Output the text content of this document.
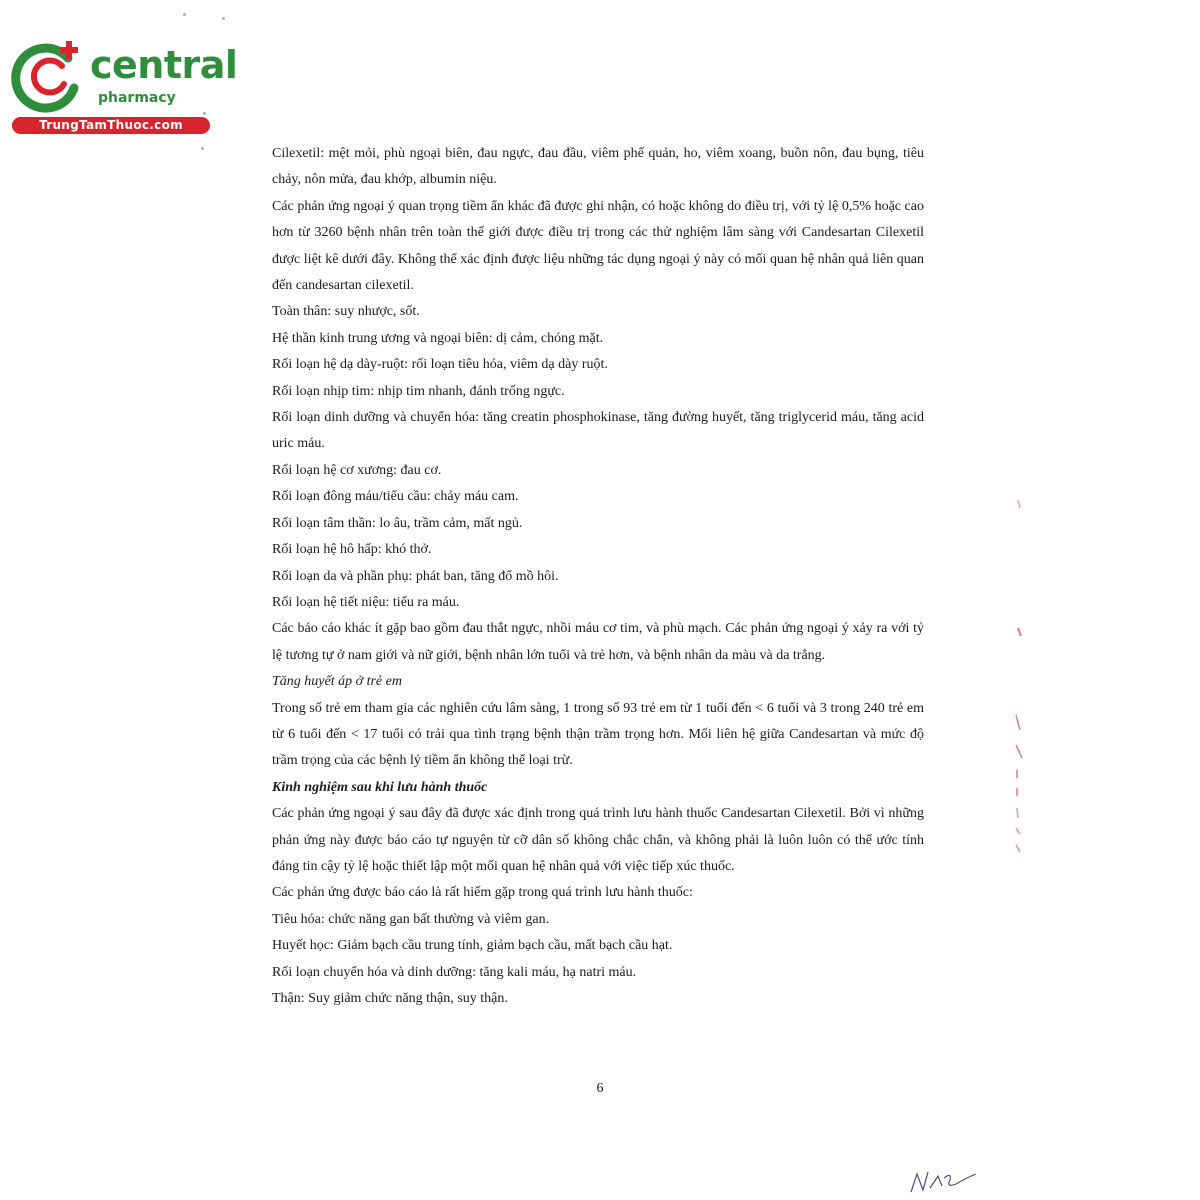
central
pharmacy
TrungTamThuoc.com

Cilexetil: mệt mỏi, phù ngoại biên, đau ngực, đau đầu, viêm phế quản, ho, viêm xoang, buồn nôn, đau bụng, tiêu chảy, nôn mửa, đau khớp, albumin niệu.

Các phản ứng ngoại ý quan trọng tiềm ẩn khác đã được ghi nhận, có hoặc không do điều trị, với tỷ lệ 0,5% hoặc cao hơn từ 3260 bệnh nhân trên toàn thế giới được điều trị trong các thử nghiệm lâm sàng với Candesartan Cilexetil được liệt kê dưới đây. Không thể xác định được liệu những tác dụng ngoại ý này có mối quan hệ nhân quả liên quan đến candesartan cilexetil.

Toàn thân: suy nhược, sốt.

Hệ thần kinh trung ương và ngoại biên: dị cảm, chóng mặt.

Rối loạn hệ dạ dày-ruột: rối loạn tiêu hóa, viêm dạ dày ruột.

Rối loạn nhịp tim: nhịp tim nhanh, đánh trống ngực.

Rối loạn dinh dưỡng và chuyển hóa: tăng creatin phosphokinase, tăng đường huyết, tăng triglycerid máu, tăng acid uric máu.

Rối loạn hệ cơ xương: đau cơ.

Rối loạn đông máu/tiểu cầu: chảy máu cam.

Rối loạn tâm thần: lo âu, trầm cảm, mất ngủ.

Rối loạn hệ hô hấp: khó thở.

Rối loạn da và phần phụ: phát ban, tăng đổ mồ hôi.

Rối loạn hệ tiết niệu: tiểu ra máu.

Các báo cáo khác ít gặp bao gồm đau thắt ngực, nhồi máu cơ tim, và phù mạch. Các phản ứng ngoại ý xảy ra với tỷ lệ tương tự ở nam giới và nữ giới, bệnh nhân lớn tuổi và trẻ hơn, và bệnh nhân da màu và da trắng.

Tăng huyết áp ở trẻ em

Trong số trẻ em tham gia các nghiên cứu lâm sàng, 1 trong số 93 trẻ em từ 1 tuổi đến < 6 tuổi và 3 trong 240 trẻ em từ 6 tuổi đến < 17 tuổi có trải qua tình trạng bệnh thận trầm trọng hơn. Mối liên hệ giữa Candesartan và mức độ trầm trọng của các bệnh lý tiềm ẩn không thể loại trừ.

Kinh nghiệm sau khi lưu hành thuốc

Các phản ứng ngoại ý sau đây đã được xác định trong quá trình lưu hành thuốc Candesartan Cilexetil. Bởi vì những phản ứng này được báo cáo tự nguyện từ cỡ dân số không chắc chắn, và không phải là luôn luôn có thể ước tính đáng tin cậy tỷ lệ hoặc thiết lập một mối quan hệ nhân quả với việc tiếp xúc thuốc.

Các phản ứng được báo cáo là rất hiếm gặp trong quá trình lưu hành thuốc:

Tiêu hóa: chức năng gan bất thường và viêm gan.

Huyết học: Giảm bạch cầu trung tính, giảm bạch cầu, mất bạch cầu hạt.

Rối loạn chuyển hóa và dinh dưỡng: tăng kali máu, hạ natri máu.

Thận: Suy giảm chức năng thận, suy thận.

6
